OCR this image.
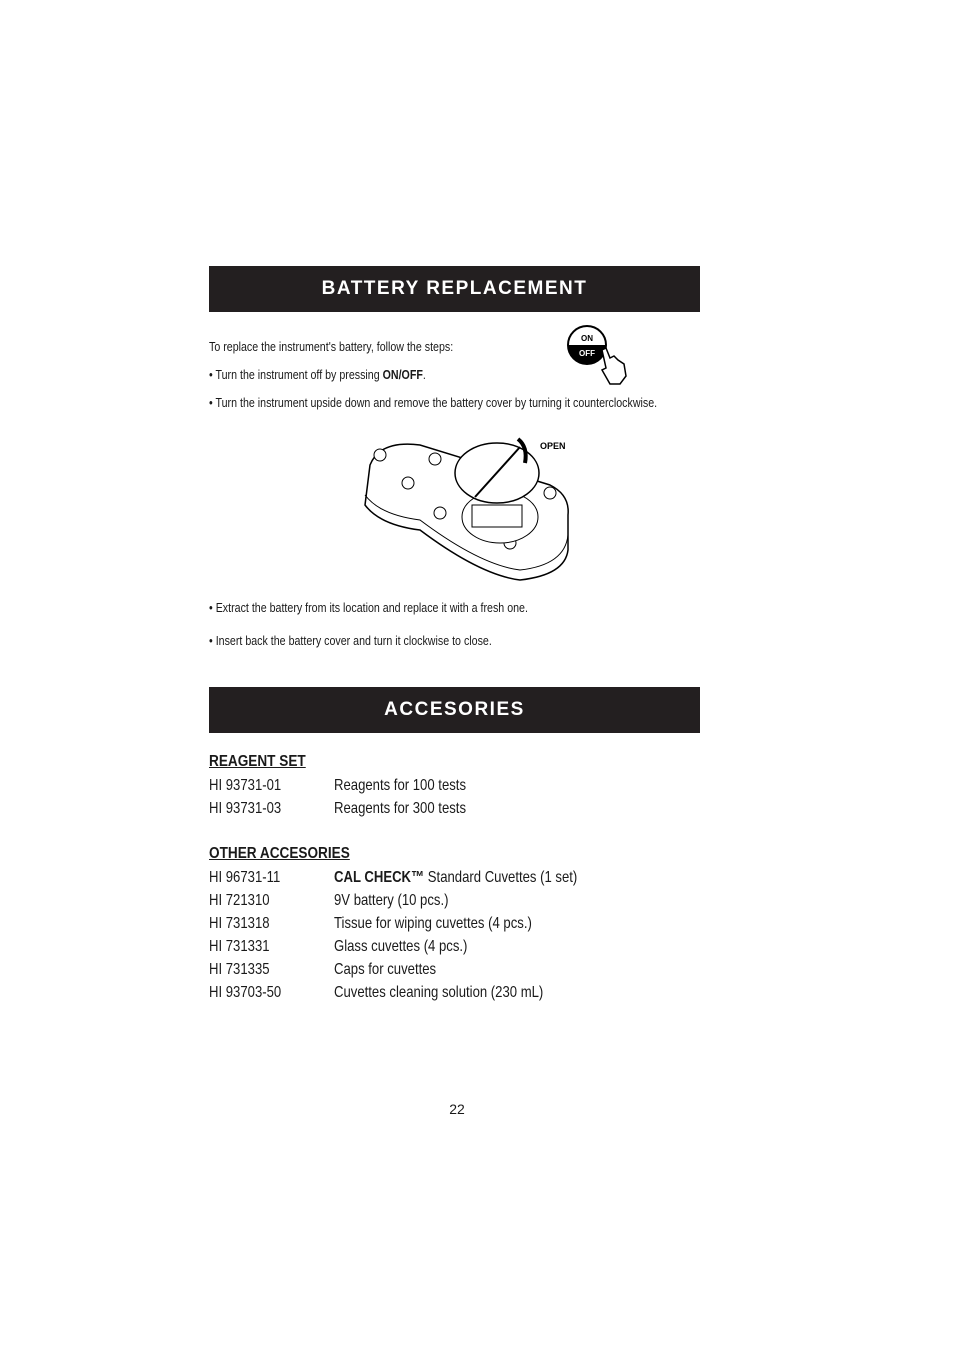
BATTERY REPLACEMENT
To replace the instrument's battery, follow the steps:
• Turn the instrument off by pressing ON/OFF.
• Turn the instrument upside down and remove the battery cover by turning it counterclockwise.
ON
OFF
OPEN
• Extract the battery from its location and replace it with a fresh one.
• Insert back the battery cover and turn it clockwise to close.
ACCESORIES
REAGENT SET
HI 93731-01	Reagents for 100 tests
HI 93731-03	Reagents for 300 tests
OTHER ACCESORIES
HI 96731-11	CAL CHECK™ Standard Cuvettes (1 set)
HI 721310	9V battery (10 pcs.)
HI 731318	Tissue for wiping cuvettes (4 pcs.)
HI 731331	Glass cuvettes (4 pcs.)
HI 731335	Caps for cuvettes
HI 93703-50	Cuvettes cleaning solution (230 mL)
22
